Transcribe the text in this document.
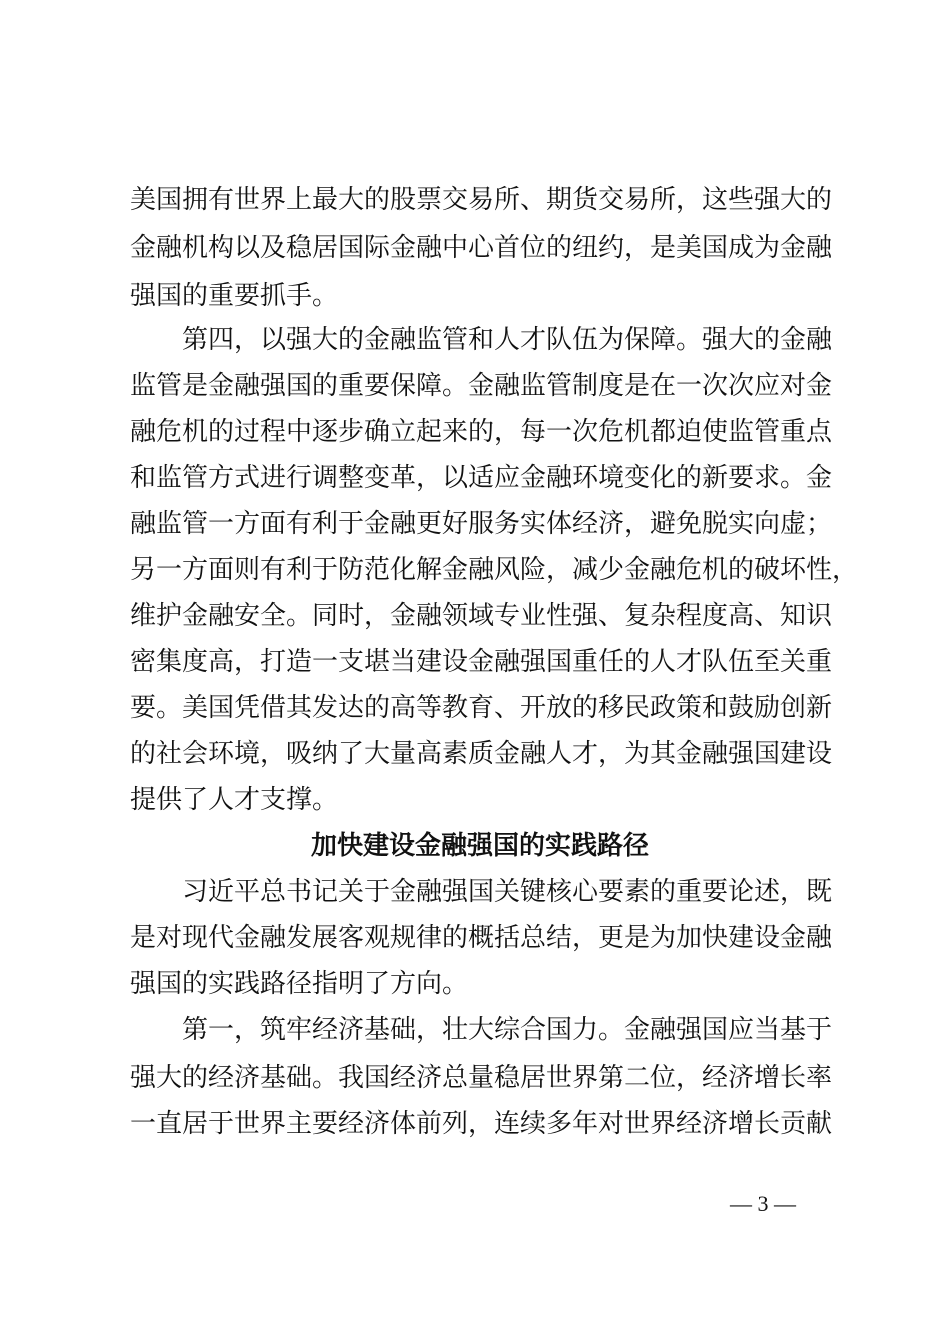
美国拥有世界上最大的股票交易所、期货交易所，这些强大的
金融机构以及稳居国际金融中心首位的纽约，是美国成为金融
强国的重要抓手。
第四，以强大的金融监管和人才队伍为保障。强大的金融
监管是金融强国的重要保障。金融监管制度是在一次次应对金
融危机的过程中逐步确立起来的，每一次危机都迫使监管重点
和监管方式进行调整变革，以适应金融环境变化的新要求。金
融监管一方面有利于金融更好服务实体经济，避免脱实向虚；
另一方面则有利于防范化解金融风险，减少金融危机的破坏性，
维护金融安全。同时，金融领域专业性强、复杂程度高、知识
密集度高，打造一支堪当建设金融强国重任的人才队伍至关重
要。美国凭借其发达的高等教育、开放的移民政策和鼓励创新
的社会环境，吸纳了大量高素质金融人才，为其金融强国建设
提供了人才支撑。
加快建设金融强国的实践路径
习近平总书记关于金融强国关键核心要素的重要论述，既
是对现代金融发展客观规律的概括总结，更是为加快建设金融
强国的实践路径指明了方向。
第一，筑牢经济基础，壮大综合国力。金融强国应当基于
强大的经济基础。我国经济总量稳居世界第二位，经济增长率
一直居于世界主要经济体前列，连续多年对世界经济增长贡献
— 3 —
